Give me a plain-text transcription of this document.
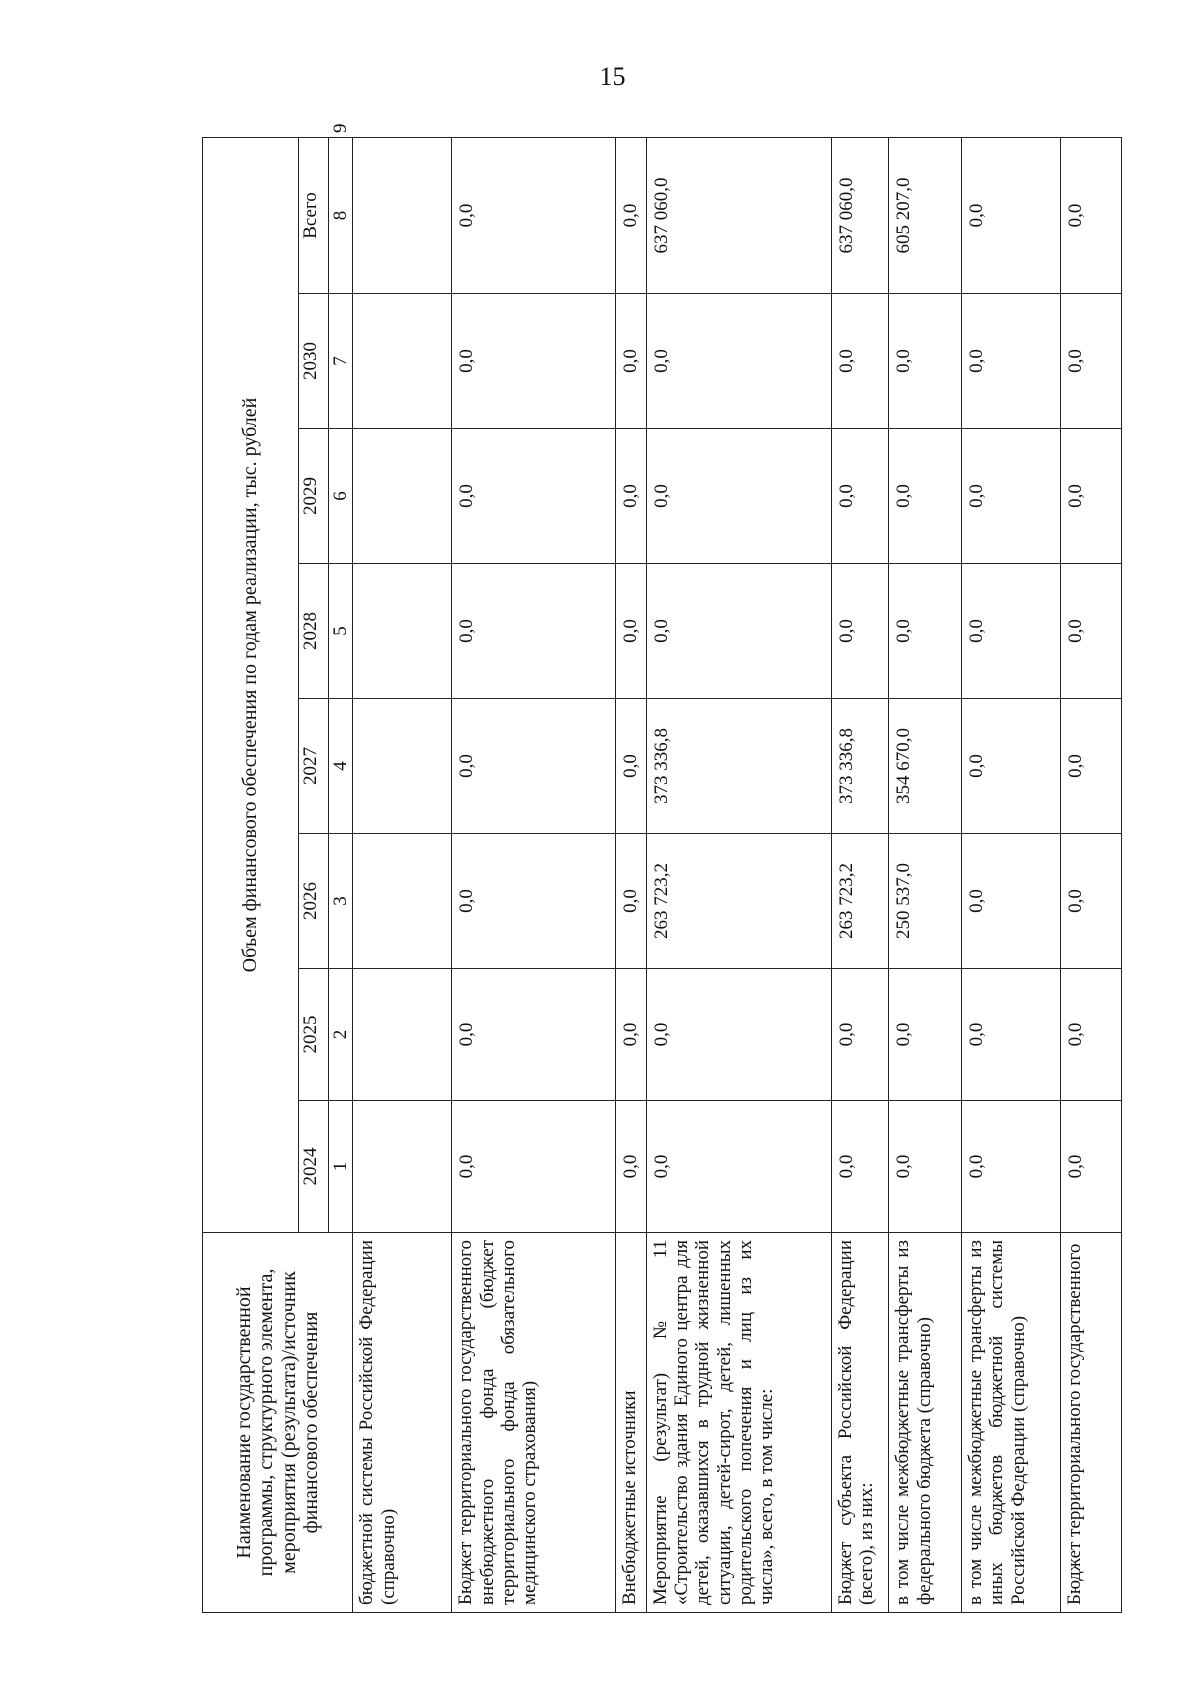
15
Наименование государственной программы, структурного элемента, мероприятия (результата)/источник финансового обеспечения	Объем финансового обеспечения по годам реализации, тыс. рублей								
	2024	2025	2026	2027	2028	2029	2030	Всего	
	1	2	3	4	5	6	7	8	9
бюджетной системы Российской Федерации (справочно)									
Бюджет территориального государственного внебюджетного фонда (бюджет территориального фонда обязательного медицинского страхования)	0,0	0,0	0,0	0,0	0,0	0,0	0,0	0,0	
Внебюджетные источники	0,0	0,0	0,0	0,0	0,0	0,0	0,0	0,0	
Мероприятие (результат) № 11 «Строительство здания Единого центра для детей, оказавшихся в трудной жизненной ситуации, детей-сирот, детей, лишенных родительского попечения и лиц из их числа», всего, в том числе:	0,0	0,0	263 723,2	373 336,8	0,0	0,0	0,0	637 060,0	
Бюджет субъекта Российской Федерации (всего), из них:	0,0	0,0	263 723,2	373 336,8	0,0	0,0	0,0	637 060,0	
в том числе межбюджетные трансферты из федерального бюджета (справочно)	0,0	0,0	250 537,0	354 670,0	0,0	0,0	0,0	605 207,0	
в том числе межбюджетные трансферты из иных бюджетов бюджетной системы Российской Федерации (справочно)	0,0	0,0	0,0	0,0	0,0	0,0	0,0	0,0	
Бюджет территориального государственного	0,0	0,0	0,0	0,0	0,0	0,0	0,0	0,0	
